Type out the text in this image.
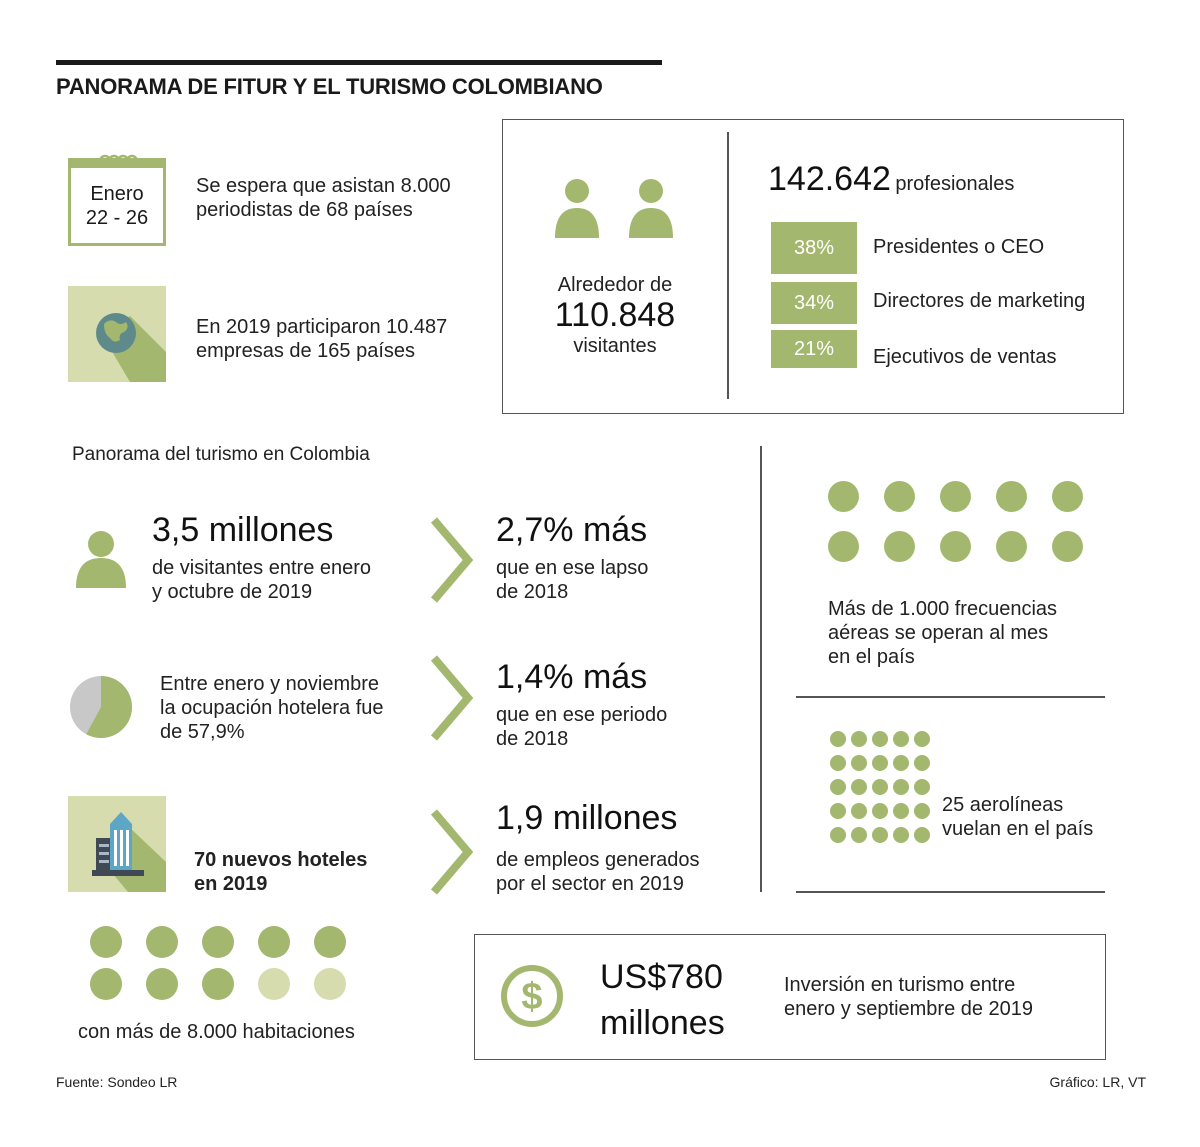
PANORAMA DE FITUR Y EL TURISMO COLOMBIANO
Enero
22 - 26
Se espera que asistan 8.000
periodistas de 68 países
En 2019 participaron 10.487
empresas de 165 países
Alrededor de
110.848
visitantes
142.642 profesionales
38%	Presidentes o CEO
34%	Directores de marketing
21%	Ejecutivos de ventas
Panorama del turismo en Colombia
3,5 millones
de visitantes entre enero
y octubre de 2019
2,7% más
que en ese lapso
de 2018
Entre enero y noviembre
la ocupación hotelera fue
de 57,9%
1,4% más
que en ese periodo
de 2018
70 nuevos hoteles
en 2019
1,9 millones
de empleos generados
por el sector en 2019
con más de 8.000 habitaciones
Más de 1.000 frecuencias
aéreas se operan al mes
en el país
25 aerolíneas
vuelan en el país
$ US$780
millones
Inversión en turismo entre
enero y septiembre de 2019
Fuente: Sondeo LR	Gráfico: LR, VT
